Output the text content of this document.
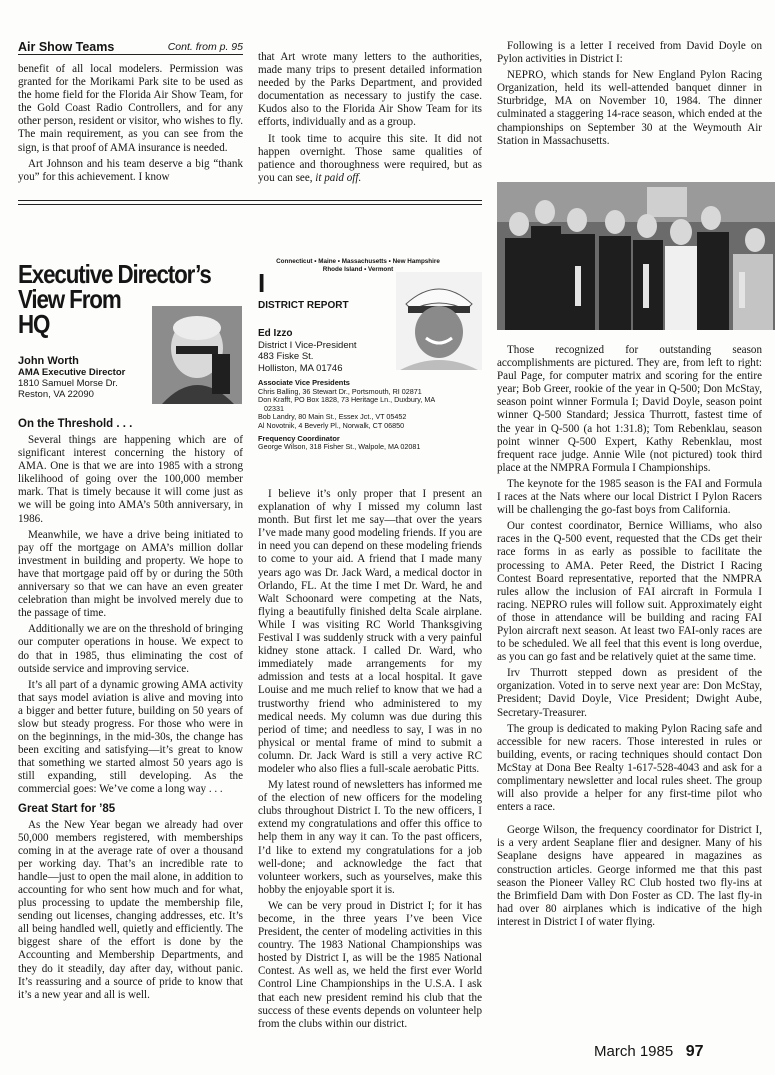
Air Show Teams	Cont. from p. 95

benefit of all local modelers. Permission was granted for the Morikami Park site to be used as the home field for the Florida Air Show Team, for the Gold Coast Radio Controllers, and for any other person, resident or visitor, who wishes to fly. The main requirement, as you can see from the sign, is that proof of AMA insurance is needed.

Art Johnson and his team deserve a big “thank you” for this achievement. I know

that Art wrote many letters to the authorities, made many trips to present detailed information needed by the Parks Department, and provided documentation as necessary to justify the case. Kudos also to the Florida Air Show Team for its efforts, individually and as a group.

It took time to acquire this site. It did not happen overnight. Those same qualities of patience and thoroughness were required, but as you can see, it paid off.

Executive Director’s
View From
HQ
John Worth
AMA Executive Director
1810 Samuel Morse Dr.
Reston, VA 22090
On the Threshold . . .

Several things are happening which are of significant interest concerning the history of AMA. One is that we are into 1985 with a strong likelihood of going over the 100,000 member mark. That is timely because it will come just as we will be going into AMA’s 50th anniversary, in 1986.

Meanwhile, we have a drive being initiated to pay off the mortgage on AMA’s million dollar investment in building and property. We hope to have that mortgage paid off by or during the 50th anniversary so that we can have an even greater celebration than might be involved merely due to the passage of time.

Additionally we are on the threshold of bringing our computer operations in house. We expect to do that in 1985, thus eliminating the cost of outside service and improving service.

It’s all part of a dynamic growing AMA activity that says model aviation is alive and moving into a bigger and better future, building on 50 years of slow but steady progress. For those who were in on the beginnings, in the mid-30s, the change has been exciting and satisfying—it’s great to know that something we started almost 50 years ago is still expanding, still developing. As the commercial goes: We’ve come a long way . . .

Great Start for ’85

As the New Year began we already had over 50,000 members registered, with memberships coming in at the average rate of over a thousand per working day. That’s an incredible rate to handle—just to open the mail alone, in addition to accounting for who sent how much and for what, plus processing to update the membership file, sending out licenses, changing addresses, etc. It’s all being handled well, quietly and efficiently. The biggest share of the effort is done by the Accounting and Membership Departments, and they do it steadily, day after day, without panic. It’s reassuring and a source of pride to know that it’s a new year and all is well.

Connecticut • Maine • Massachusetts • New Hampshire
Rhode Island • Vermont
I
DISTRICT REPORT
Ed Izzo
District I Vice-President
483 Fiske St.
Holliston, MA 01746
Associate Vice Presidents
Chris Balling, 36 Stewart Dr., Portsmouth, RI 02871
Don Krafft, PO Box 1828, 73 Heritage Ln., Duxbury, MA
02331
Bob Landry, 80 Main St., Essex Jct., VT 05452
Al Novotnik, 4 Beverly Pl., Norwalk, CT 06850
Frequency Coordinator
George Wilson, 318 Fisher St., Walpole, MA 02081

I believe it’s only proper that I present an explanation of why I missed my column last month. But first let me say—that over the years I’ve made many good modeling friends. If you are in need you can depend on these modeling friends to come to your aid. A friend that I made many years ago was Dr. Jack Ward, a medical doctor in Orlando, FL. At the time I met Dr. Ward, he and Walt Schoonard were competing at the Nats, flying a beautifully finished delta Scale airplane. While I was visiting RC World Thanksgiving Festival I was suddenly struck with a very painful kidney stone attack. I called Dr. Ward, who immediately made arrangements for my admission and tests at a local hospital. It gave Louise and me much relief to know that we had a trustworthy friend who administered to my medical needs. My column was due during this period of time; and needless to say, I was in no physical or mental frame of mind to submit a column. Dr. Jack Ward is still a very active RC modeler who also flies a full-scale aerobatic Pitts.

My latest round of newsletters has informed me of the election of new officers for the modeling clubs throughout District I. To the new officers, I extend my congratulations and offer this office to help them in any way it can. To the past officers, I’d like to extend my congratulations for a job well-done; and acknowledge the fact that volunteer workers, such as yourselves, make this hobby the enjoyable sport it is.

We can be very proud in District I; for it has become, in the three years I’ve been Vice President, the center of modeling activities in this country. The 1983 National Championships was hosted by District I, as will be the 1985 National Contest. As well as, we held the first ever World Control Line Championships in the U.S.A. I ask that each new president remind his club that the success of these events depends on volunteer help from the clubs within our district.

Following is a letter I received from David Doyle on Pylon activities in District I:

NEPRO, which stands for New England Pylon Racing Organization, held its well-attended banquet dinner in Sturbridge, MA on November 10, 1984. The dinner culminated a staggering 14-race season, which ended at the championships on September 30 at the Weymouth Air Station in Massachusetts.

Those recognized for outstanding season accomplishments are pictured. They are, from left to right: Paul Page, for computer matrix and scoring for the entire year; Bob Greer, rookie of the year in Q-500; Don McStay, season point winner Formula I; David Doyle, season point winner Q-500 Standard; Jessica Thurrott, fastest time of the year in Q-500 (a hot 1:31.8); Tom Rebenklau, season point winner Q-500 Expert, Kathy Rebenklau, most frequent race judge. Annie Wile (not pictured) took third place at the NMPRA Formula I Championships.

The keynote for the 1985 season is the FAI and Formula I races at the Nats where our local District I Pylon Racers will be challenging the go-fast boys from California.

Our contest coordinator, Bernice Williams, who also races in the Q-500 event, requested that the CDs get their race forms in as early as possible to facilitate the processing to AMA. Peter Reed, the District I Racing Contest Board representative, reported that the NMPRA rules allow the inclusion of FAI aircraft in Formula I racing. NEPRO rules will follow suit. Approximately eight of those in attendance will be building and racing FAI Pylon aircraft next season. At least two FAI-only races are to be scheduled. We all feel that this event is long overdue, as you can go fast and be relatively quiet at the same time.

Irv Thurrott stepped down as president of the organization. Voted in to serve next year are: Don McStay, President; David Doyle, Vice President; Dwight Aube, Secretary-Treasurer.

The group is dedicated to making Pylon Racing safe and accessible for new racers. Those interested in rules or building, events, or racing techniques should contact Don McStay at Dona Bee Realty 1-617-528-4043 and ask for a complimentary newsletter and local rules sheet. The group will also provide a helper for any first-time pilot who enters a race.

George Wilson, the frequency coordinator for District I, is a very ardent Seaplane flier and designer. Many of his Seaplane designs have appeared in magazines as construction articles. George informed me that this past season the Pioneer Valley RC Club hosted two fly-ins at the Brimfield Dam with Don Foster as CD. The last fly-in had over 80 airplanes which is indicative of the high interest in District I of water flying.

March 1985 97
